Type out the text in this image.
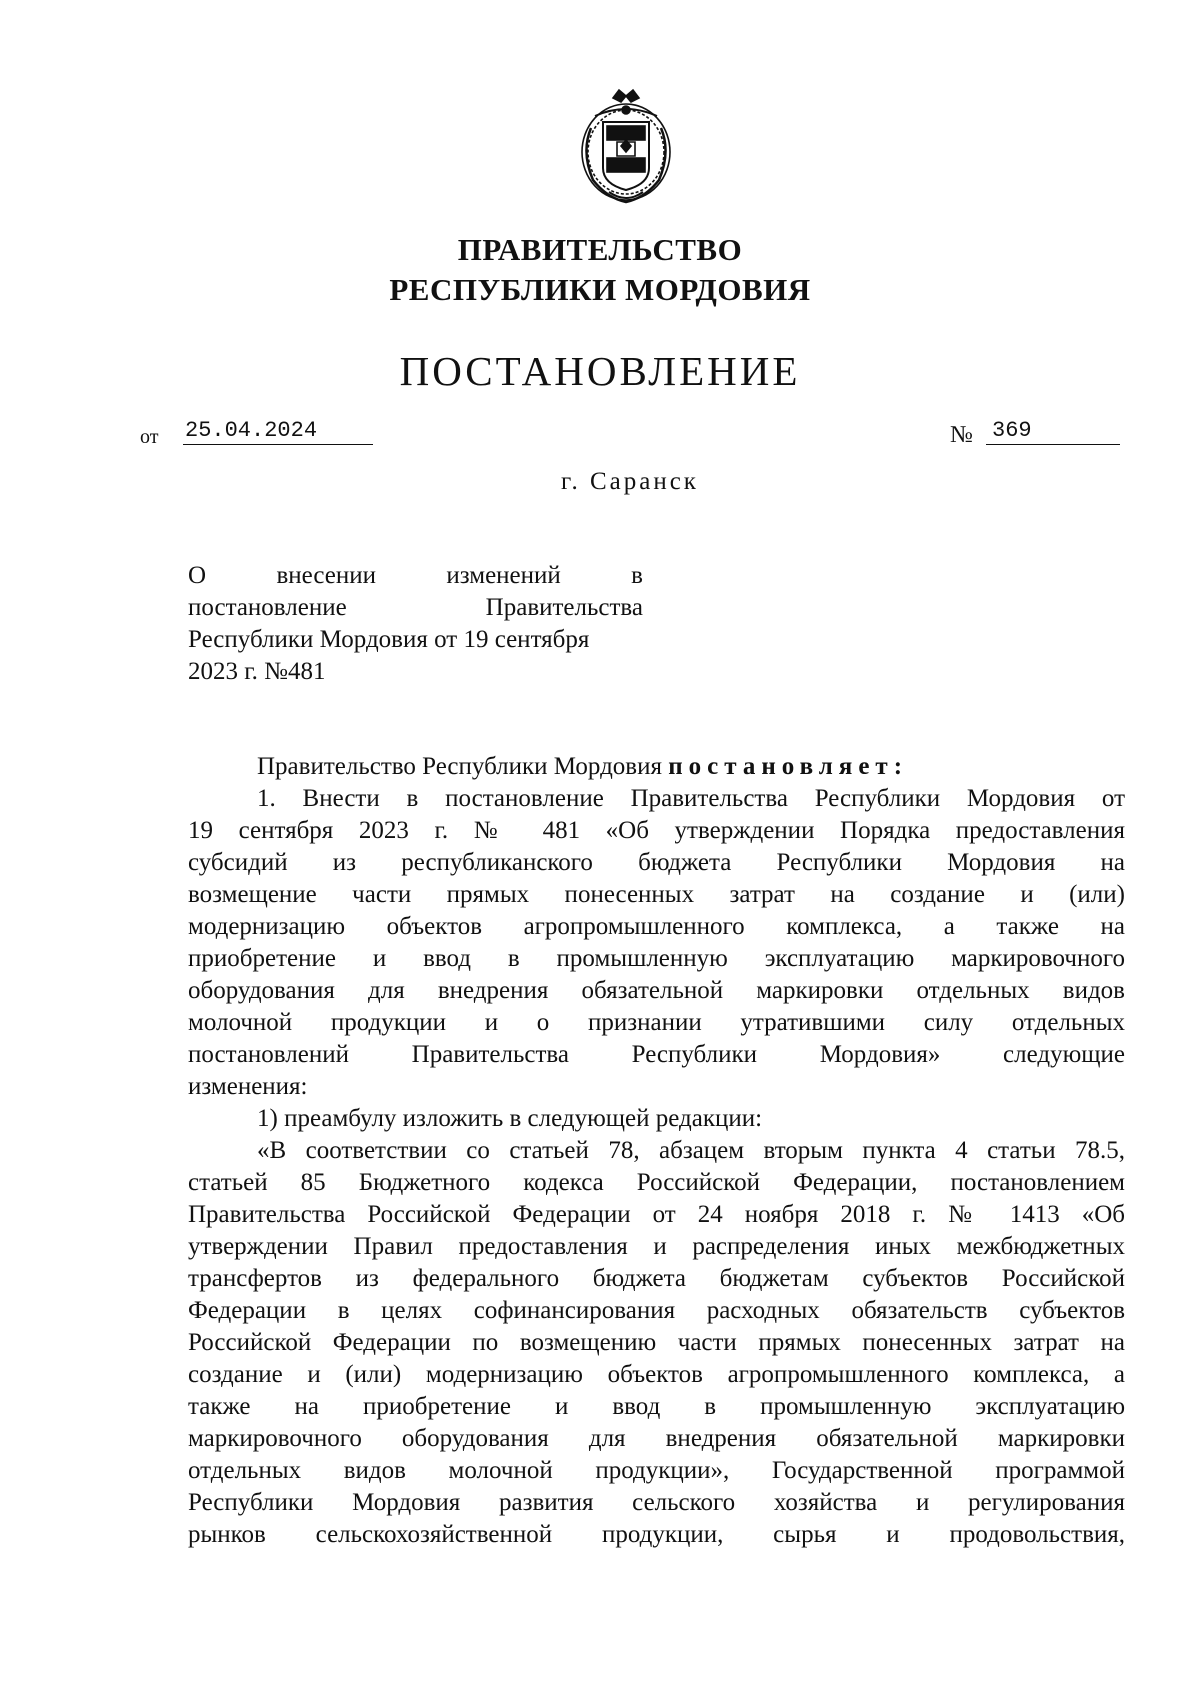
ПРАВИТЕЛЬСТВО
РЕСПУБЛИКИ МОРДОВИЯ
ПОСТАНОВЛЕНИЕ
от 25.04.2024	№ 369
г. Саранск
О	внесении	изменений	в
постановление	Правительства
Республики Мордовия от 19 сентября
2023 г. №481
Правительство Республики Мордовия постановляет:
1. Внести в постановление Правительства Республики Мордовия от
19 сентября 2023 г. № 481 «Об утверждении Порядка предоставления
субсидий из республиканского бюджета Республики Мордовия на
возмещение части прямых понесенных затрат на создание и (или)
модернизацию объектов агропромышленного комплекса, а также на
приобретение и ввод в промышленную эксплуатацию маркировочного
оборудования для внедрения обязательной маркировки отдельных видов
молочной продукции и о признании утратившими силу отдельных
постановлений Правительства Республики Мордовия» следующие
изменения:
1) преамбулу изложить в следующей редакции:
«В соответствии со статьей 78, абзацем вторым пункта 4 статьи 78.5,
статьей 85 Бюджетного кодекса Российской Федерации, постановлением
Правительства Российской Федерации от 24 ноября 2018 г. № 1413 «Об
утверждении Правил предоставления и распределения иных межбюджетных
трансфертов из федерального бюджета бюджетам субъектов Российской
Федерации в целях софинансирования расходных обязательств субъектов
Российской Федерации по возмещению части прямых понесенных затрат на
создание и (или) модернизацию объектов агропромышленного комплекса, а
также на приобретение и ввод в промышленную эксплуатацию
маркировочного оборудования для внедрения обязательной маркировки
отдельных видов молочной продукции», Государственной программой
Республики Мордовия развития сельского хозяйства и регулирования
рынков сельскохозяйственной продукции, сырья и продовольствия,
